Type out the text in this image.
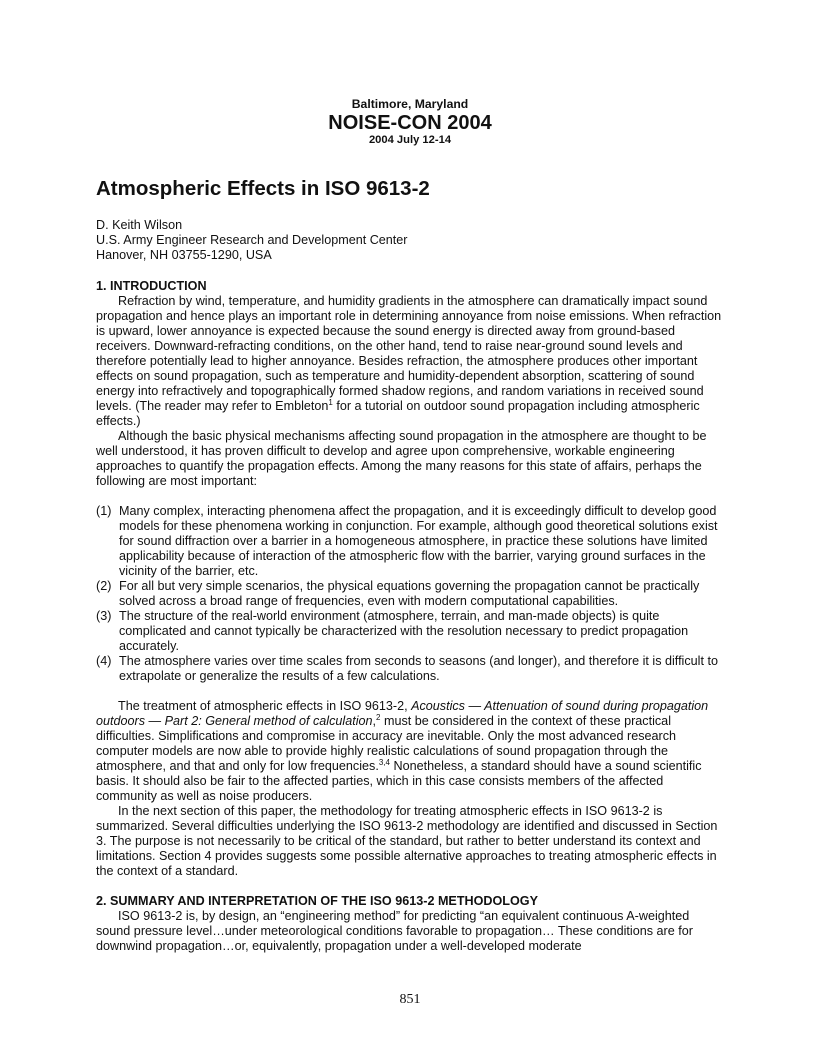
Baltimore, Maryland
NOISE-CON 2004
2004 July 12-14
Atmospheric Effects in ISO 9613-2
D. Keith Wilson
U.S. Army Engineer Research and Development Center
Hanover, NH 03755-1290, USA
1. INTRODUCTION

Refraction by wind, temperature, and humidity gradients in the atmosphere can dramatically impact sound propagation and hence plays an important role in determining annoyance from noise emissions. When refraction is upward, lower annoyance is expected because the sound energy is directed away from ground-based receivers. Downward-refracting conditions, on the other hand, tend to raise near-ground sound levels and therefore potentially lead to higher annoyance. Besides refraction, the atmosphere produces other important effects on sound propagation, such as temperature and humidity-dependent absorption, scattering of sound energy into refractively and topographically formed shadow regions, and random variations in received sound levels. (The reader may refer to Embleton$^1$ for a tutorial on outdoor sound propagation including atmospheric effects.)

Although the basic physical mechanisms affecting sound propagation in the atmosphere are thought to be well understood, it has proven difficult to develop and agree upon comprehensive, workable engineering approaches to quantify the propagation effects. Among the many reasons for this state of affairs, perhaps the following are most important:

(1) Many complex, interacting phenomena affect the propagation, and it is exceedingly difficult to develop good models for these phenomena working in conjunction. For example, although good theoretical solutions exist for sound diffraction over a barrier in a homogeneous atmosphere, in practice these solutions have limited applicability because of interaction of the atmospheric flow with the barrier, varying ground surfaces in the vicinity of the barrier, etc.
(2) For all but very simple scenarios, the physical equations governing the propagation cannot be practically solved across a broad range of frequencies, even with modern computational capabilities.
(3) The structure of the real-world environment (atmosphere, terrain, and man-made objects) is quite complicated and cannot typically be characterized with the resolution necessary to predict propagation accurately.
(4) The atmosphere varies over time scales from seconds to seasons (and longer), and therefore it is difficult to extrapolate or generalize the results of a few calculations.

The treatment of atmospheric effects in ISO 9613-2, Acoustics — Attenuation of sound during propagation outdoors — Part 2: General method of calculation,$^2$ must be considered in the context of these practical difficulties. Simplifications and compromise in accuracy are inevitable. Only the most advanced research computer models are now able to provide highly realistic calculations of sound propagation through the atmosphere, and that and only for low frequencies.$^{3,4}$ Nonetheless, a standard should have a sound scientific basis. It should also be fair to the affected parties, which in this case consists members of the affected community as well as noise producers.

In the next section of this paper, the methodology for treating atmospheric effects in ISO 9613-2 is summarized. Several difficulties underlying the ISO 9613-2 methodology are identified and discussed in Section 3. The purpose is not necessarily to be critical of the standard, but rather to better understand its context and limitations. Section 4 provides suggests some possible alternative approaches to treating atmospheric effects in the context of a standard.

2. SUMMARY AND INTERPRETATION OF THE ISO 9613-2 METHODOLOGY

ISO 9613-2 is, by design, an “engineering method” for predicting “an equivalent continuous A-weighted sound pressure level…under meteorological conditions favorable to propagation… These conditions are for downwind propagation…or, equivalently, propagation under a well-developed moderate

851
